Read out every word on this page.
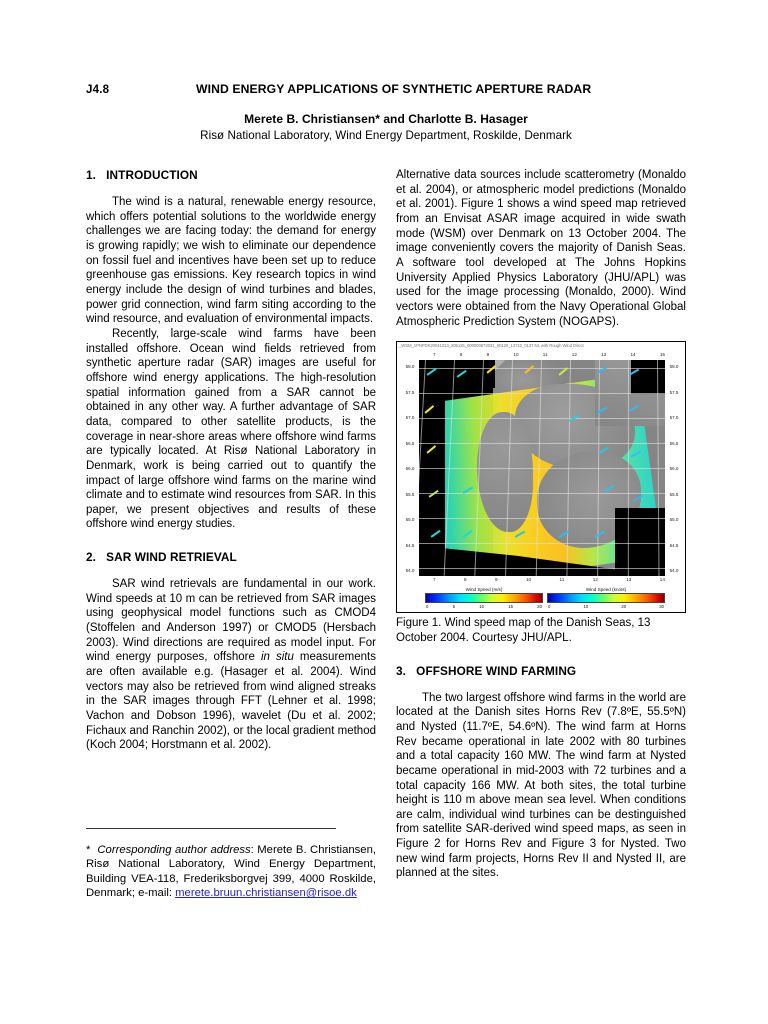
J4.8	WIND ENERGY APPLICATIONS OF SYNTHETIC APERTURE RADAR
Merete B. Christiansen* and Charlotte B. Hasager
Risø National Laboratory, Wind Energy Department, Roskilde, Denmark
1.   INTRODUCTION

The wind is a natural, renewable energy resource, which offers potential solutions to the worldwide energy challenges we are facing today: the demand for energy is growing rapidly; we wish to eliminate our dependence on fossil fuel and incentives have been set up to reduce greenhouse gas emissions. Key research topics in wind energy include the design of wind turbines and blades, power grid connection, wind farm siting according to the wind resource, and evaluation of environmental impacts.

Recently, large-scale wind farms have been installed offshore. Ocean wind fields retrieved from synthetic aperture radar (SAR) images are useful for offshore wind energy applications. The high-resolution spatial information gained from a SAR cannot be obtained in any other way. A further advantage of SAR data, compared to other satellite products, is the coverage in near-shore areas where offshore wind farms are typically located. At Risø National Laboratory in Denmark, work is being carried out to quantify the impact of large offshore wind farms on the marine wind climate and to estimate wind resources from SAR. In this paper, we present objectives and results of these offshore wind energy studies.

2.   SAR WIND RETRIEVAL

SAR wind retrievals are fundamental in our work. Wind speeds at 10 m can be retrieved from SAR images using geophysical model functions such as CMOD4 (Stoffelen and Anderson 1997) or CMOD5 (Hersbach 2003). Wind directions are required as model input. For wind energy purposes, offshore in situ measurements are often available e.g. (Hasager et al. 2004). Wind vectors may also be retrieved from wind aligned streaks in the SAR images through FFT (Lehner et al. 1998; Vachon and Dobson 1996), wavelet (Du et al. 2002; Fichaux and Ranchin 2002), or the local gradient method (Koch 2004; Horstmann et al. 2002).

* Corresponding author address: Merete B. Christiansen, Risø National Laboratory, Wind Energy Department, Building VEA-118, Frederiksborgvej 399, 4000 Roskilde, Denmark; e-mail: merete.bruun.christiansen@risoe.dk

Alternative data sources include scatterometry (Monaldo et al. 2004), or atmospheric model predictions (Monaldo et al. 2001). Figure 1 shows a wind speed map retrieved from an Envisat ASAR image acquired in wide swath mode (WSM) over Denmark on 13 October 2004. The image conveniently covers the majority of Danish Seas. A software tool developed at The Johns Hopkins University Applied Physics Laboratory (JHU/APL) was used for the image processing (Monaldo, 2000). Wind vectors were obtained from the Navy Operational Global Atmospheric Prediction System (NOGAPS).

_WSM_1PNPDK20041013_205125_000000672031_00129_13710_0137.N1 with Rough Wind Direct
7	8	9	10	11	12	13	14	15
58.0
57.5
57.0
56.5
56.0
55.5
55.0
54.5
54.0
58.0
57.5
57.0
56.5
56.0
55.5
55.0
54.5
54.0
7	8	9	10	11	12	13	14
Wind Speed (m/s)
0	5	10	15	20
Wind Speed (knots)
0	10	20	30

Figure 1. Wind speed map of the Danish Seas, 13 October 2004. Courtesy JHU/APL.

3.   OFFSHORE WIND FARMING

The two largest offshore wind farms in the world are located at the Danish sites Horns Rev (7.8ºE, 55.5ºN) and Nysted (11.7ºE, 54.6ºN). The wind farm at Horns Rev became operational in late 2002 with 80 turbines and a total capacity 160 MW. The wind farm at Nysted became operational in mid-2003 with 72 turbines and a total capacity 166 MW. At both sites, the total turbine height is 110 m above mean sea level. When conditions are calm, individual wind turbines can be destinguished from satellite SAR-derived wind speed maps, as seen in Figure 2 for Horns Rev and Figure 3 for Nysted. Two new wind farm projects, Horns Rev II and Nysted II, are planned at the sites.
